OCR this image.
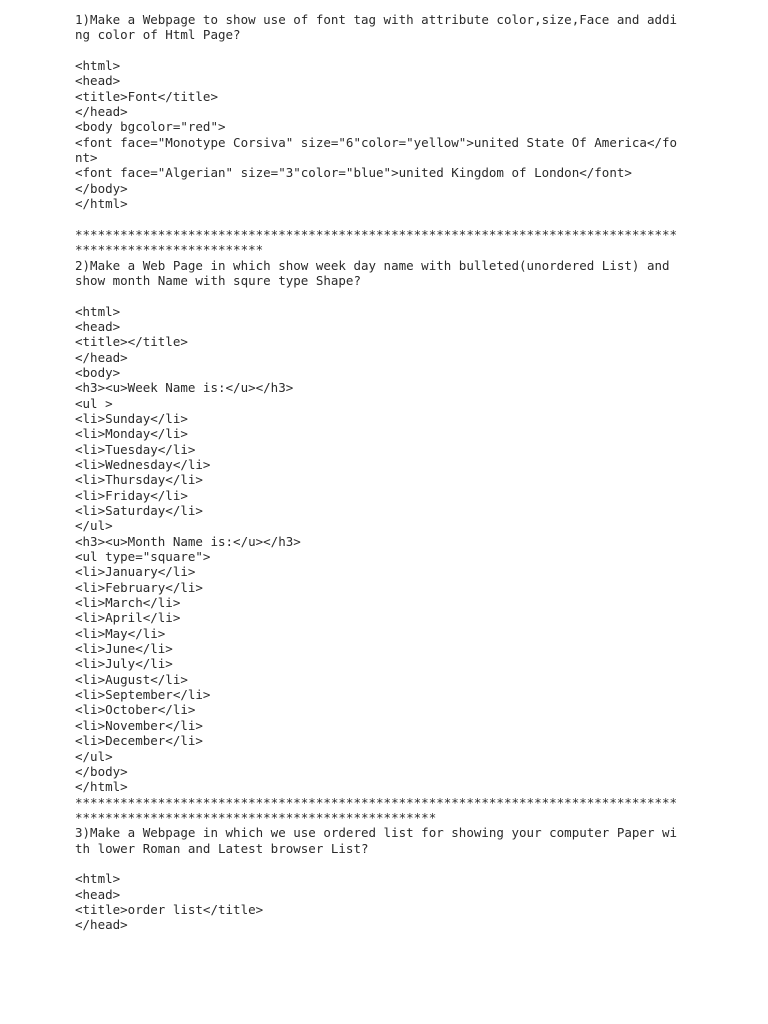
1)Make a Webpage to show use of font tag with attribute color,size,Face and addi
ng color of Html Page?
<html>
<head>
<title>Font</title>
</head>
<body bgcolor="red">
<font face="Monotype Corsiva" size="6"color="yellow">united State Of America</fo
nt>
<font face="Algerian" size="3"color="blue">united Kingdom of London</font>
</body>
</html>
********************************************************************************
*************************
2)Make a Web Page in which show week day name with bulleted(unordered List) and
show month Name with squre type Shape?
<html>
<head>
<title></title>
</head>
<body>
<h3><u>Week Name is:</u></h3>
<ul >
<li>Sunday</li>
<li>Monday</li>
<li>Tuesday</li>
<li>Wednesday</li>
<li>Thursday</li>
<li>Friday</li>
<li>Saturday</li>
</ul>
<h3><u>Month Name is:</u></h3>
<ul type="square">
<li>January</li>
<li>February</li>
<li>March</li>
<li>April</li>
<li>May</li>
<li>June</li>
<li>July</li>
<li>August</li>
<li>September</li>
<li>October</li>
<li>November</li>
<li>December</li>
</ul>
</body>
</html>
********************************************************************************
************************************************
3)Make a Webpage in which we use ordered list for showing your computer Paper wi
th lower Roman and Latest browser List?
<html>
<head>
<title>order list</title>
</head>
